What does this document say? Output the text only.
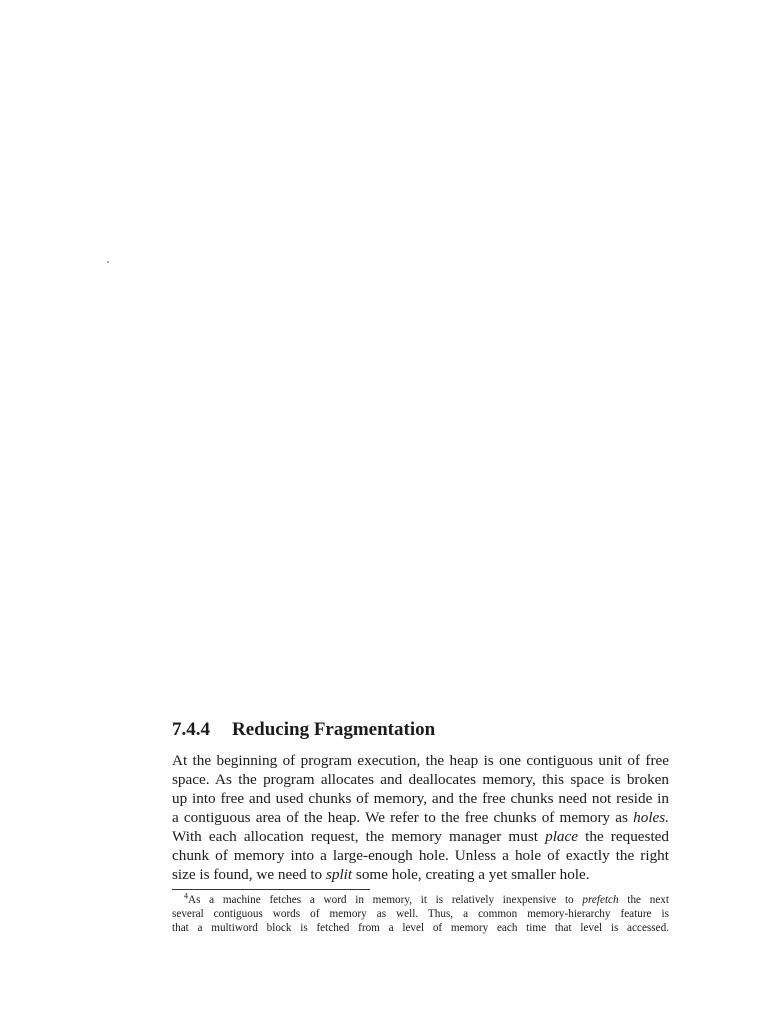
7.4.4 Reducing Fragmentation

At the beginning of program execution, the heap is one contiguous unit of free
space. As the program allocates and deallocates memory, this space is broken
up into free and used chunks of memory, and the free chunks need not reside in
a contiguous area of the heap. We refer to the free chunks of memory as holes.
With each allocation request, the memory manager must place the requested
chunk of memory into a large-enough hole. Unless a hole of exactly the right
size is found, we need to split some hole, creating a yet smaller hole.

$^4$As a machine fetches a word in memory, it is relatively inexpensive to prefetch the next
several contiguous words of memory as well. Thus, a common memory-hierarchy feature is
that a multiword block is fetched from a level of memory each time that level is accessed.
